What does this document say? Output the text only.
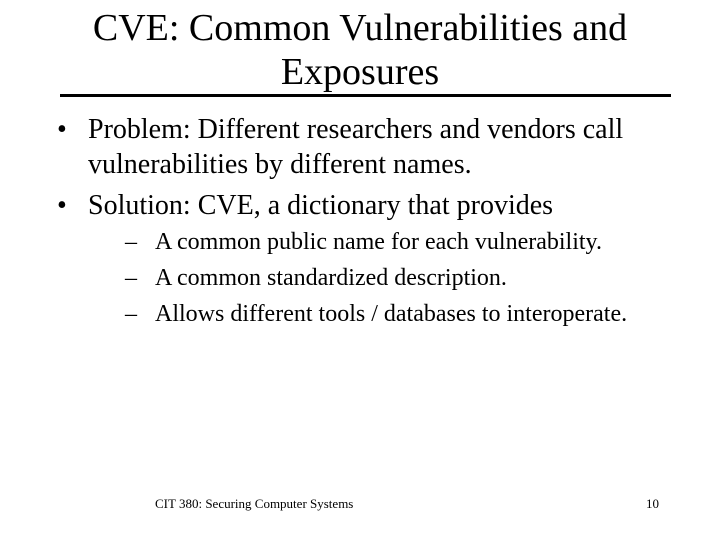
CVE: Common Vulnerabilities and Exposures
• Problem: Different researchers and vendors call vulnerabilities by different names.
• Solution: CVE, a dictionary that provides
– A common public name for each vulnerability.
– A common standardized description.
– Allows different tools / databases to interoperate.
CIT 380: Securing Computer Systems	10
